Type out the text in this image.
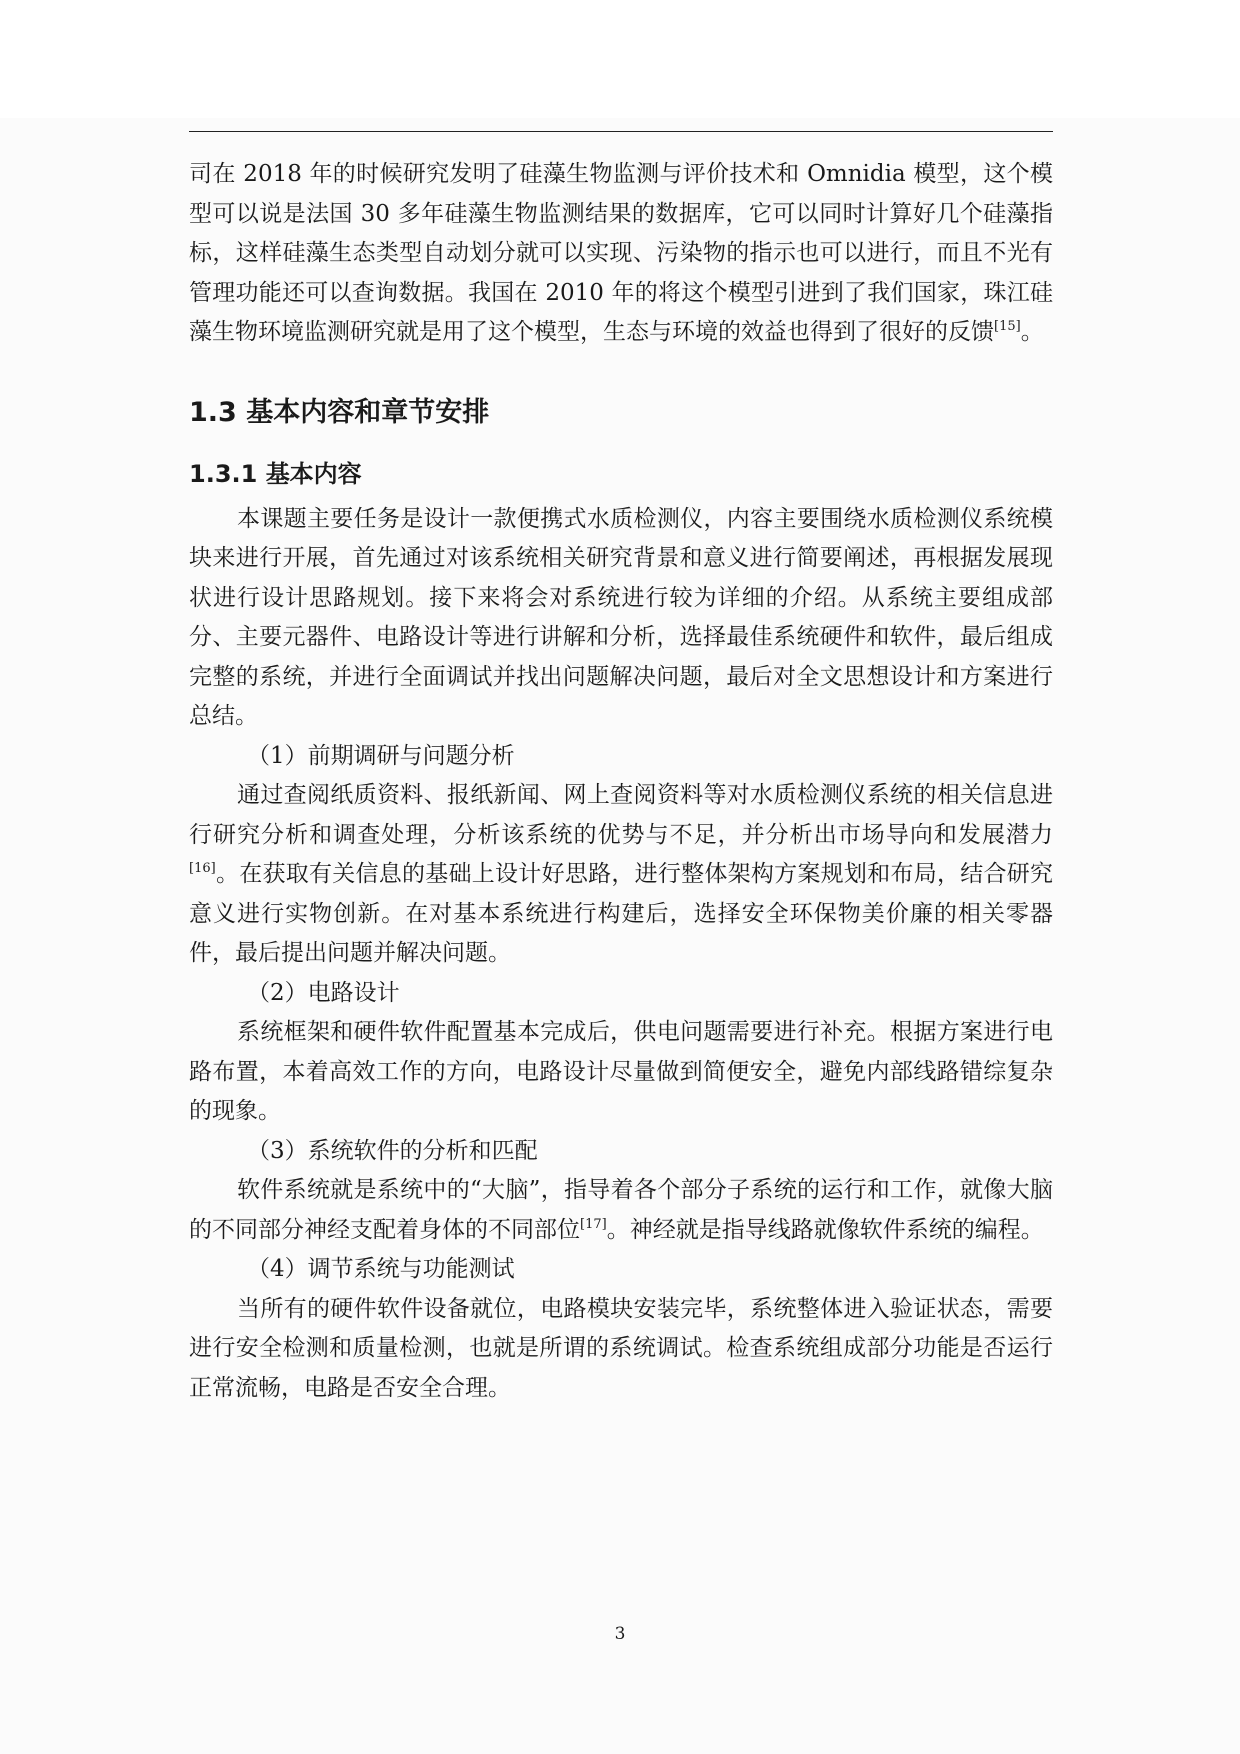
司在 2018 年的时候研究发明了硅藻生物监测与评价技术和 Omnidia 模型，这个模型可以说是法国 30 多年硅藻生物监测结果的数据库，它可以同时计算好几个硅藻指标，这样硅藻生态类型自动划分就可以实现、污染物的指示也可以进行，而且不光有管理功能还可以查询数据。我国在 2010 年的将这个模型引进到了我们国家，珠江硅藻生物环境监测研究就是用了这个模型，生态与环境的效益也得到了很好的反馈[15]。

1.3 基本内容和章节安排
1.3.1 基本内容

本课题主要任务是设计一款便携式水质检测仪，内容主要围绕水质检测仪系统模块来进行开展，首先通过对该系统相关研究背景和意义进行简要阐述，再根据发展现状进行设计思路规划。接下来将会对系统进行较为详细的介绍。从系统主要组成部分、主要元器件、电路设计等进行讲解和分析，选择最佳系统硬件和软件，最后组成完整的系统，并进行全面调试并找出问题解决问题，最后对全文思想设计和方案进行总结。

（1）前期调研与问题分析

通过查阅纸质资料、报纸新闻、网上查阅资料等对水质检测仪系统的相关信息进行研究分析和调查处理，分析该系统的优势与不足，并分析出市场导向和发展潜力[16]。在获取有关信息的基础上设计好思路，进行整体架构方案规划和布局，结合研究意义进行实物创新。在对基本系统进行构建后，选择安全环保物美价廉的相关零器件，最后提出问题并解决问题。

（2）电路设计

系统框架和硬件软件配置基本完成后，供电问题需要进行补充。根据方案进行电路布置，本着高效工作的方向，电路设计尽量做到简便安全，避免内部线路错综复杂的现象。

（3）系统软件的分析和匹配

软件系统就是系统中的“大脑”，指导着各个部分子系统的运行和工作，就像大脑的不同部分神经支配着身体的不同部位[17]。神经就是指导线路就像软件系统的编程。

（4）调节系统与功能测试

当所有的硬件软件设备就位，电路模块安装完毕，系统整体进入验证状态，需要进行安全检测和质量检测，也就是所谓的系统调试。检查系统组成部分功能是否运行正常流畅，电路是否安全合理。

3
